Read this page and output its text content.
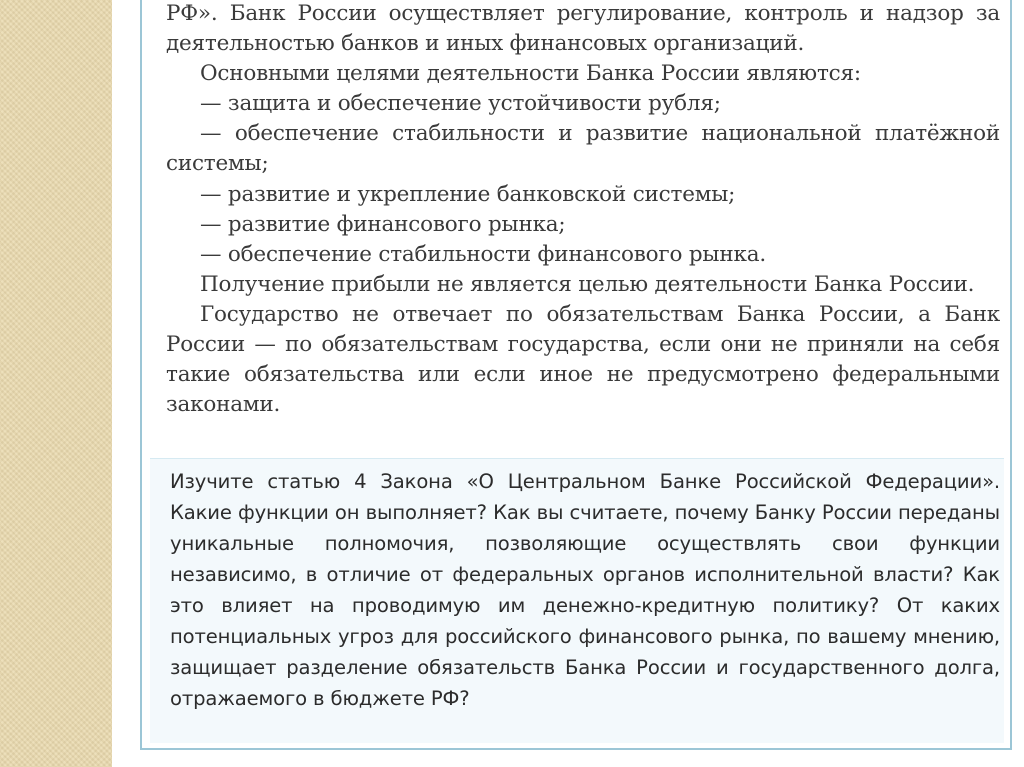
РФ». Банк России осуществляет регулирование, контроль и надзор за деятельностью банков и иных финансовых организаций.

Основными целями деятельности Банка России являются:

— защита и обеспечение устойчивости рубля;

— обеспечение стабильности и развитие национальной платёжной системы;

— развитие и укрепление банковской системы;

— развитие финансового рынка;

— обеспечение стабильности финансового рынка.

Получение прибыли не является целью деятельности Банка России.

Государство не отвечает по обязательствам Банка России, а Банк России — по обязательствам государства, если они не приняли на себя такие обязательства или если иное не предусмотрено федеральными законами.

Изучите статью 4 Закона «О Центральном Банке Российской Федерации». Какие функции он выполняет? Как вы считаете, почему Банку России переданы уникальные полномочия, позволяющие осуществлять свои функции независимо, в отличие от федеральных органов исполнительной власти? Как это влияет на проводимую им денежно-кредитную политику? От каких потенциальных угроз для российского финансового рынка, по вашему мнению, защищает разделение обязательств Банка России и государственного долга, отражаемого в бюджете РФ?
